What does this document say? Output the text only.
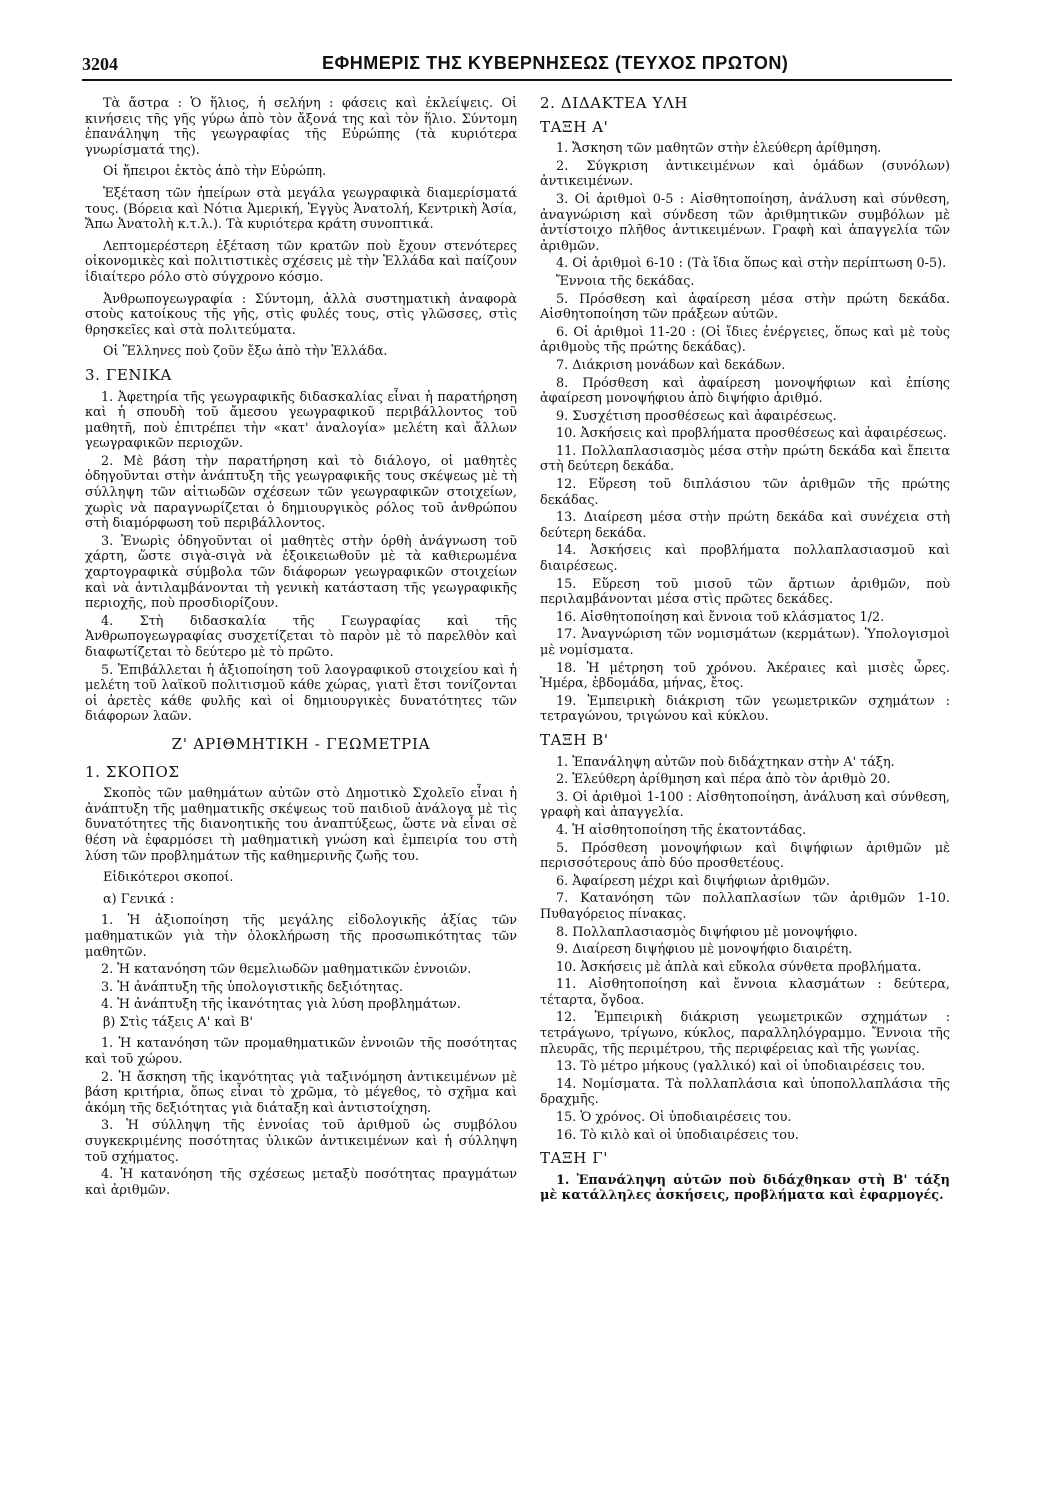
3204	ΕΦΗΜΕΡΙΣ ΤΗΣ ΚΥΒΕΡΝΗΣΕΩΣ (ΤΕΥΧΟΣ ΠΡΩΤΟΝ)

Τὰ ἄστρα : Ὁ ἥλιος, ἡ σελήνη : φάσεις καὶ ἐκλείψεις. Οἱ κινήσεις τῆς γῆς γύρω ἀπὸ τὸν ἄξονά της καὶ τὸν ἥλιο. Σύντομη ἐπανάληψη τῆς γεωγραφίας τῆς Εὐρώπης (τὰ κυριότερα γνωρίσματά της).

Οἱ ἤπειροι ἐκτὸς ἀπὸ τὴν Εὐρώπη.

Ἐξέταση τῶν ἠπείρων στὰ μεγάλα γεωγραφικὰ διαμερίσματά τους. (Βόρεια καὶ Νότια Ἀμερική, Ἐγγὺς Ἀνατολή, Κεντρικὴ Ἀσία, Ἄπω Ἀνατολὴ κ.τ.λ.). Τὰ κυριότερα κράτη συνοπτικά.

Λεπτομερέστερη ἐξέταση τῶν κρατῶν ποὺ ἔχουν στενότερες οἰκονομικὲς καὶ πολιτιστικὲς σχέσεις μὲ τὴν Ἑλλάδα καὶ παίζουν ἰδιαίτερο ρόλο στὸ σύγχρονο κόσμο.

Ἀνθρωπογεωγραφία : Σύντομη, ἀλλὰ συστηματικὴ ἀναφορὰ στοὺς κατοίκους τῆς γῆς, στὶς φυλές τους, στὶς γλῶσσες, στὶς θρησκεῖες καὶ στὰ πολιτεύματα.

Οἱ Ἕλληνες ποὺ ζοῦν ἔξω ἀπὸ τὴν Ἑλλάδα.

3. ΓΕΝΙΚΑ
1. Ἀφετηρία τῆς γεωγραφικῆς διδασκαλίας εἶναι ἡ παρατήρηση καὶ ἡ σπουδὴ τοῦ ἄμεσου γεωγραφικοῦ περιβάλλοντος τοῦ μαθητῆ, ποὺ ἐπιτρέπει τὴν «κατ' ἀναλογία» μελέτη καὶ ἄλλων γεωγραφικῶν περιοχῶν.
2. Μὲ βάση τὴν παρατήρηση καὶ τὸ διάλογο, οἱ μαθητὲς ὁδηγοῦνται στὴν ἀνάπτυξη τῆς γεωγραφικῆς τους σκέψεως μὲ τὴ σύλληψη τῶν αἰτιωδῶν σχέσεων τῶν γεωγραφικῶν στοιχείων, χωρὶς νὰ παραγνωρίζεται ὁ δημιουργικὸς ρόλος τοῦ ἀνθρώπου στὴ διαμόρφωση τοῦ περιβάλλοντος.
3. Ἐνωρὶς ὁδηγοῦνται οἱ μαθητὲς στὴν ὀρθὴ ἀνάγνωση τοῦ χάρτη, ὥστε σιγὰ-σιγὰ νὰ ἐξοικειωθοῦν μὲ τὰ καθιερωμένα χαρτογραφικὰ σύμβολα τῶν διάφορων γεωγραφικῶν στοιχείων καὶ νὰ ἀντιλαμβάνονται τὴ γενικὴ κατάσταση τῆς γεωγραφικῆς περιοχῆς, ποὺ προσδιορίζουν.
4. Στὴ διδασκαλία τῆς Γεωγραφίας καὶ τῆς Ἀνθρωπογεωγραφίας συσχετίζεται τὸ παρὸν μὲ τὸ παρελθὸν καὶ διαφωτίζεται τὸ δεύτερο μὲ τὸ πρῶτο.
5. Ἐπιβάλλεται ἡ ἀξιοποίηση τοῦ λαογραφικοῦ στοιχείου καὶ ἡ μελέτη τοῦ λαϊκοῦ πολιτισμοῦ κάθε χώρας, γιατὶ ἔτσι τονίζονται οἱ ἀρετὲς κάθε φυλῆς καὶ οἱ δημιουργικὲς δυνατότητες τῶν διάφορων λαῶν.
Ζ' ΑΡΙΘΜΗΤΙΚΗ - ΓΕΩΜΕΤΡΙΑ
1. ΣΚΟΠΟΣ

Σκοπὸς τῶν μαθημάτων αὐτῶν στὸ Δημοτικὸ Σχολεῖο εἶναι ἡ ἀνάπτυξη τῆς μαθηματικῆς σκέψεως τοῦ παιδιοῦ ἀνάλογα μὲ τὶς δυνατότητες τῆς διανοητικῆς του ἀναπτύξεως, ὥστε νὰ εἶναι σὲ θέση νὰ ἐφαρμόσει τὴ μαθηματικὴ γνώση καὶ ἐμπειρία του στὴ λύση τῶν προβλημάτων τῆς καθημερινῆς ζωῆς του.

Εἰδικότεροι σκοποί.

α) Γενικά :

1. Ἡ ἀξιοποίηση τῆς μεγάλης εἰδολογικῆς ἀξίας τῶν μαθηματικῶν γιὰ τὴν ὁλοκλήρωση τῆς προσωπικότητας τῶν μαθητῶν.
2. Ἡ κατανόηση τῶν θεμελιωδῶν μαθηματικῶν ἐννοιῶν.
3. Ἡ ἀνάπτυξη τῆς ὑπολογιστικῆς δεξιότητας.
4. Ἡ ἀνάπτυξη τῆς ἱκανότητας γιὰ λύση προβλημάτων.

β) Στὶς τάξεις Α' καὶ Β'

1. Ἡ κατανόηση τῶν προμαθηματικῶν ἐννοιῶν τῆς ποσότητας καὶ τοῦ χώρου.
2. Ἡ ἄσκηση τῆς ἱκανότητας γιὰ ταξινόμηση ἀντικειμένων μὲ βάση κριτήρια, ὅπως εἶναι τὸ χρῶμα, τὸ μέγεθος, τὸ σχῆμα καὶ ἀκόμη τῆς δεξιότητας γιὰ διάταξη καὶ ἀντιστοίχηση.
3. Ἡ σύλληψη τῆς ἐννοίας τοῦ ἀριθμοῦ ὡς συμβόλου συγκεκριμένης ποσότητας ὑλικῶν ἀντικειμένων καὶ ἡ σύλληψη τοῦ σχήματος.
4. Ἡ κατανόηση τῆς σχέσεως μεταξὺ ποσότητας πραγμάτων καὶ ἀριθμῶν.
2. ΔΙΔΑΚΤΕΑ ΥΛΗ
ΤΑΞΗ Α'
1. Ἄσκηση τῶν μαθητῶν στὴν ἐλεύθερη ἀρίθμηση.
2. Σύγκριση ἀντικειμένων καὶ ὁμάδων (συνόλων) ἀντικειμένων.
3. Οἱ ἀριθμοὶ 0-5 : Αἰσθητοποίηση, ἀνάλυση καὶ σύνθεση, ἀναγνώριση καὶ σύνδεση τῶν ἀριθμητικῶν συμβόλων μὲ ἀντίστοιχο πλῆθος ἀντικειμένων. Γραφὴ καὶ ἀπαγγελία τῶν ἀριθμῶν.
4. Οἱ ἀριθμοὶ 6-10 : (Τὰ ἴδια ὅπως καὶ στὴν περίπτωση 0-5).
Ἔννοια τῆς δεκάδας.
5. Πρόσθεση καὶ ἀφαίρεση μέσα στὴν πρώτη δεκάδα. Αἰσθητοποίηση τῶν πράξεων αὐτῶν.
6. Οἱ ἀριθμοὶ 11-20 : (Οἱ ἴδιες ἐνέργειες, ὅπως καὶ μὲ τοὺς ἀριθμοὺς τῆς πρώτης δεκάδας).
7. Διάκριση μονάδων καὶ δεκάδων.
8. Πρόσθεση καὶ ἀφαίρεση μονοψήφιων καὶ ἐπίσης ἀφαίρεση μονοψήφιου ἀπὸ διψήφιο ἀριθμό.
9. Συσχέτιση προσθέσεως καὶ ἀφαιρέσεως.
10. Ἀσκήσεις καὶ προβλήματα προσθέσεως καὶ ἀφαιρέσεως.
11. Πολλαπλασιασμὸς μέσα στὴν πρώτη δεκάδα καὶ ἔπειτα στὴ δεύτερη δεκάδα.
12. Εὕρεση τοῦ διπλάσιου τῶν ἀριθμῶν τῆς πρώτης δεκάδας.
13. Διαίρεση μέσα στὴν πρώτη δεκάδα καὶ συνέχεια στὴ δεύτερη δεκάδα.
14. Ἀσκήσεις καὶ προβλήματα πολλαπλασιασμοῦ καὶ διαιρέσεως.
15. Εὕρεση τοῦ μισοῦ τῶν ἄρτιων ἀριθμῶν, ποὺ περιλαμβάνονται μέσα στὶς πρῶτες δεκάδες.
16. Αἰσθητοποίηση καὶ ἔννοια τοῦ κλάσματος 1/2.
17. Ἀναγνώριση τῶν νομισμάτων (κερμάτων). Ὑπολογισμοὶ μὲ νομίσματα.
18. Ἡ μέτρηση τοῦ χρόνου. Ἀκέραιες καὶ μισὲς ὧρες. Ἡμέρα, ἑβδομάδα, μήνας, ἔτος.
19. Ἐμπειρικὴ διάκριση τῶν γεωμετρικῶν σχημάτων : τετραγώνου, τριγώνου καὶ κύκλου.
ΤΑΞΗ Β'
1. Ἐπανάληψη αὐτῶν ποὺ διδάχτηκαν στὴν Α' τάξη.
2. Ἐλεύθερη ἀρίθμηση καὶ πέρα ἀπὸ τὸν ἀριθμὸ 20.
3. Οἱ ἀριθμοὶ 1-100 : Αἰσθητοποίηση, ἀνάλυση καὶ σύνθεση, γραφὴ καὶ ἀπαγγελία.
4. Ἡ αἰσθητοποίηση τῆς ἑκατοντάδας.
5. Πρόσθεση μονοψήφιων καὶ διψήφιων ἀριθμῶν μὲ περισσότερους ἀπὸ δύο προσθετέους.
6. Ἀφαίρεση μέχρι καὶ διψήφιων ἀριθμῶν.
7. Κατανόηση τῶν πολλαπλασίων τῶν ἀριθμῶν 1-10. Πυθαγόρειος πίνακας.
8. Πολλαπλασιασμὸς διψήφιου μὲ μονοψήφιο.
9. Διαίρεση διψήφιου μὲ μονοψήφιο διαιρέτη.
10. Ἀσκήσεις μὲ ἁπλὰ καὶ εὔκολα σύνθετα προβλήματα.
11. Αἰσθητοποίηση καὶ ἔννοια κλασμάτων : δεύτερα, τέταρτα, ὄγδοα.
12. Ἐμπειρικὴ διάκριση γεωμετρικῶν σχημάτων : τετράγωνο, τρίγωνο, κύκλος, παραλληλόγραμμο. Ἔννοια τῆς πλευρᾶς, τῆς περιμέτρου, τῆς περιφέρειας καὶ τῆς γωνίας.
13. Τὸ μέτρο μήκους (γαλλικό) καὶ οἱ ὑποδιαιρέσεις του.
14. Νομίσματα. Τὰ πολλαπλάσια καὶ ὑποπολλαπλάσια τῆς δραχμῆς.
15. Ὁ χρόνος. Οἱ ὑποδιαιρέσεις του.
16. Τὸ κιλὸ καὶ οἱ ὑποδιαιρέσεις του.
ΤΑΞΗ Γ'
1. Ἐπανάληψη αὐτῶν ποὺ διδάχθηκαν στὴ Β' τάξη μὲ κατάλληλες ἀσκήσεις, προβλήματα καὶ ἐφαρμογές.
